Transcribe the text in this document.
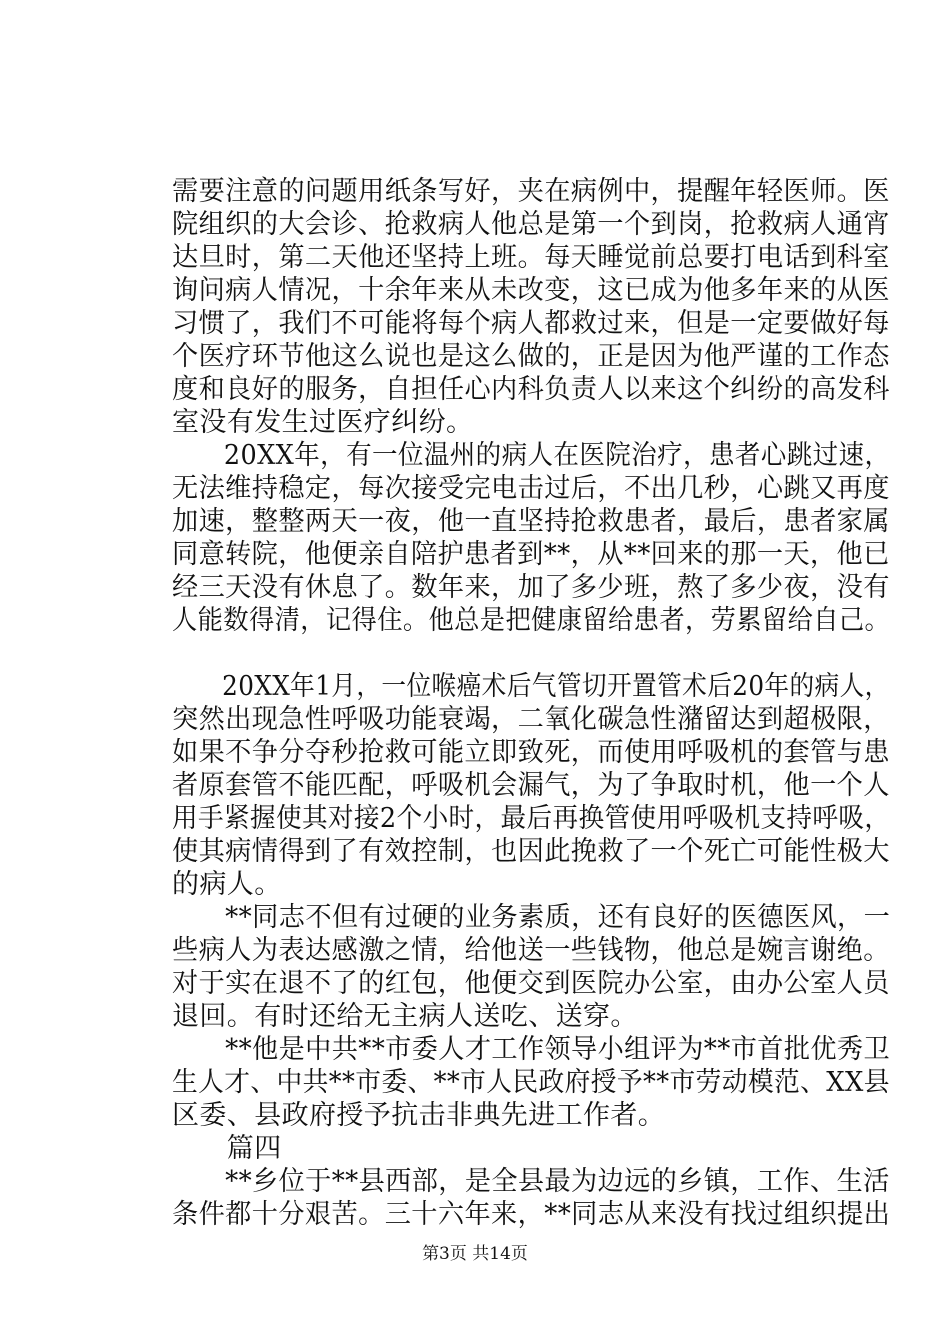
需要注意的问题用纸条写好，夹在病例中，提醒年轻医师。医
院组织的大会诊、抢救病人他总是第一个到岗，抢救病人通宵
达旦时，第二天他还坚持上班。每天睡觉前总要打电话到科室
询问病人情况，十余年来从未改变，这已成为他多年来的从医
习惯了，我们不可能将每个病人都救过来，但是一定要做好每
个医疗环节他这么说也是这么做的，正是因为他严谨的工作态
度和良好的服务，自担任心内科负责人以来这个纠纷的高发科
室没有发生过医疗纠纷。
　　20XX年，有一位温州的病人在医院治疗，患者心跳过速，
无法维持稳定，每次接受完电击过后，不出几秒，心跳又再度
加速，整整两天一夜，他一直坚持抢救患者，最后，患者家属
同意转院，他便亲自陪护患者到**，从**回来的那一天，他已
经三天没有休息了。数年来，加了多少班，熬了多少夜，没有
人能数得清，记得住。他总是把健康留给患者，劳累留给自己。
　　20XX年1月，一位喉癌术后气管切开置管术后20年的病人，
突然出现急性呼吸功能衰竭，二氧化碳急性潴留达到超极限，
如果不争分夺秒抢救可能立即致死，而使用呼吸机的套管与患
者原套管不能匹配，呼吸机会漏气，为了争取时机，他一个人
用手紧握使其对接2个小时，最后再换管使用呼吸机支持呼吸，
使其病情得到了有效控制，也因此挽救了一个死亡可能性极大
的病人。
　　**同志不但有过硬的业务素质，还有良好的医德医风，一
些病人为表达感激之情，给他送一些钱物，他总是婉言谢绝。
对于实在退不了的红包，他便交到医院办公室，由办公室人员
退回。有时还给无主病人送吃、送穿。
　　**他是中共**市委人才工作领导小组评为**市首批优秀卫
生人才、中共**市委、**市人民政府授予**市劳动模范、XX县
区委、县政府授予抗击非典先进工作者。
　　篇四
　　**乡位于**县西部，是全县最为边远的乡镇，工作、生活
条件都十分艰苦。三十六年来，**同志从来没有找过组织提出
第3页 共14页
